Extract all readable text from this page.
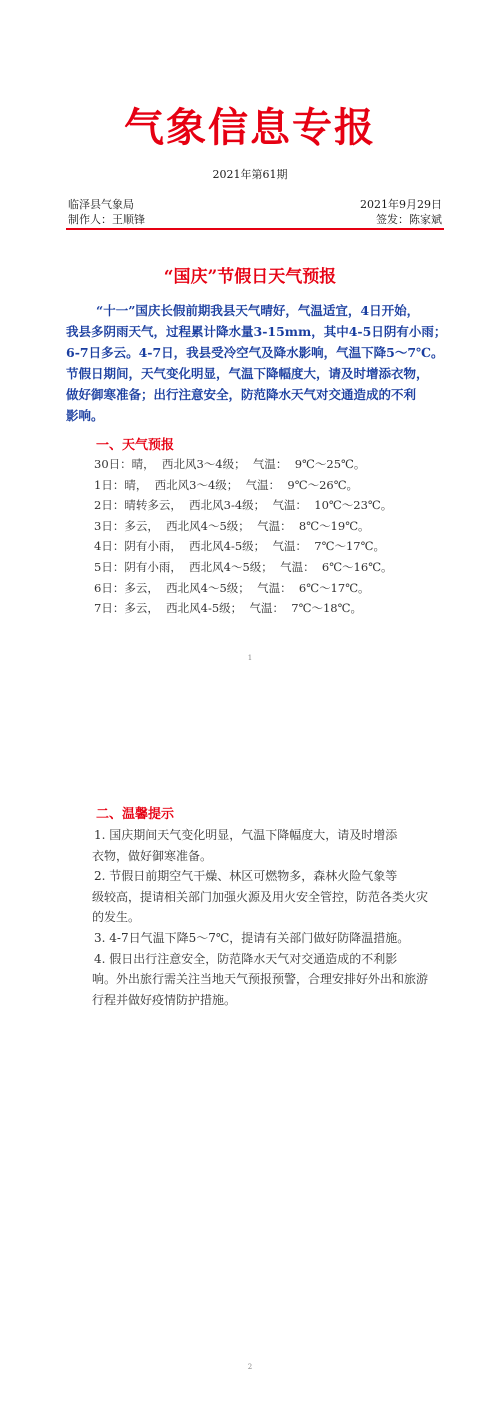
气象信息专报
2021年第61期
临泽县气象局	2021年9月29日
制作人：王顺锋	签发：陈家斌
“国庆”节假日天气预报
“十一”国庆长假前期我县天气晴好，气温适宜，4日开始，
我县多阴雨天气，过程累计降水量3-15mm，其中4-5日阴有小雨；
6-7日多云。4-7日，我县受冷空气及降水影响，气温下降5～7℃。
节假日期间，天气变化明显，气温下降幅度大，请及时增添衣物，
做好御寒准备；出行注意安全，防范降水天气对交通造成的不利
影响。
一、天气预报
30日：晴，  西北风3～4级；  气温：  9℃～25℃。
1日：晴，  西北风3～4级；  气温：  9℃～26℃。
2日：晴转多云，  西北风3-4级；  气温：  10℃～23℃。
3日：多云，  西北风4～5级；  气温：  8℃～19℃。
4日：阴有小雨，  西北风4-5级；  气温：  7℃～17℃。
5日：阴有小雨，  西北风4～5级；  气温：  6℃～16℃。
6日：多云，  西北风4～5级；  气温：  6℃～17℃。
7日：多云，  西北风4-5级；  气温：  7℃～18℃。
1
二、温馨提示
1. 国庆期间天气变化明显，气温下降幅度大，请及时增添
衣物，做好御寒准备。
2. 节假日前期空气干燥、林区可燃物多，森林火险气象等
级较高，提请相关部门加强火源及用火安全管控，防范各类火灾
的发生。
3. 4-7日气温下降5～7℃，提请有关部门做好防降温措施。
4. 假日出行注意安全，防范降水天气对交通造成的不利影
响。外出旅行需关注当地天气预报预警，合理安排好外出和旅游
行程并做好疫情防护措施。
2
